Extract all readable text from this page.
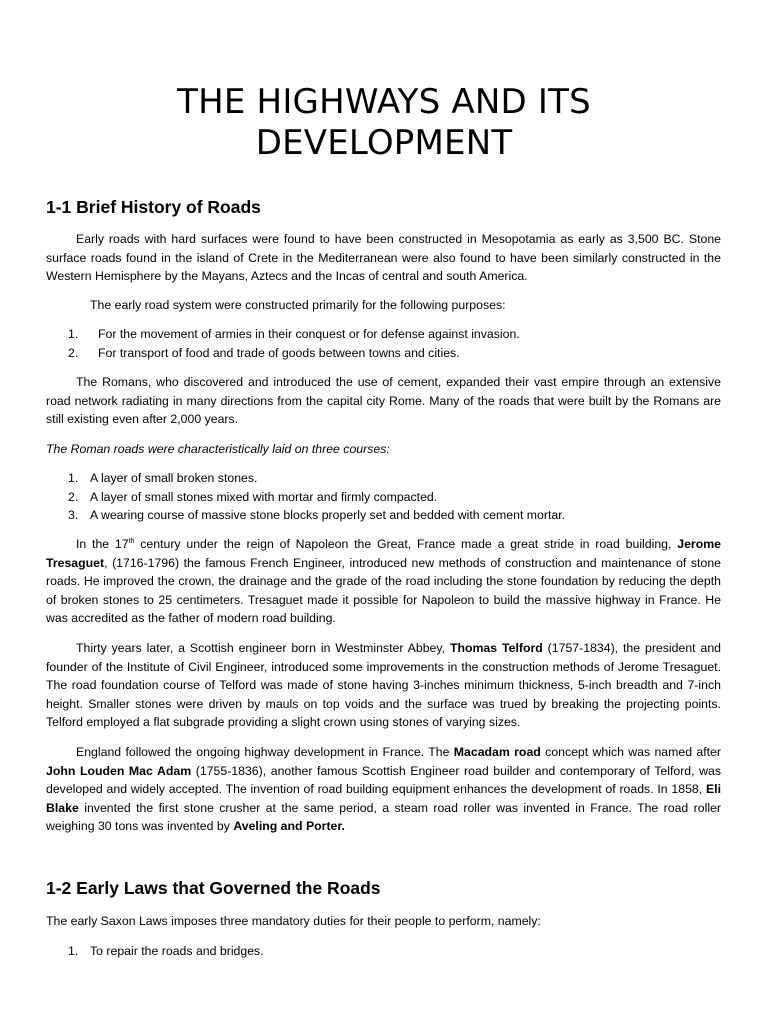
THE HIGHWAYS AND ITS
DEVELOPMENT
1-1 Brief History of Roads

Early roads with hard surfaces were found to have been constructed in Mesopotamia as early as 3,500 BC. Stone surface roads found in the island of Crete in the Mediterranean were also found to have been similarly constructed in the Western Hemisphere by the Mayans, Aztecs and the Incas of central and south America.

The early road system were constructed primarily for the following purposes:

1. For the movement of armies in their conquest or for defense against invasion.
2. For transport of food and trade of goods between towns and cities.

The Romans, who discovered and introduced the use of cement, expanded their vast empire through an extensive road network radiating in many directions from the capital city Rome. Many of the roads that were built by the Romans are still existing even after 2,000 years.

The Roman roads were characteristically laid on three courses:

1. A layer of small broken stones.
2. A layer of small stones mixed with mortar and firmly compacted.
3. A wearing course of massive stone blocks properly set and bedded with cement mortar.

In the 17th century under the reign of Napoleon the Great, France made a great stride in road building, Jerome Tresaguet, (1716-1796) the famous French Engineer, introduced new methods of construction and maintenance of stone roads. He improved the crown, the drainage and the grade of the road including the stone foundation by reducing the depth of broken stones to 25 centimeters. Tresaguet made it possible for Napoleon to build the massive highway in France. He was accredited as the father of modern road building.

Thirty years later, a Scottish engineer born in Westminster Abbey, Thomas Telford (1757-1834), the president and founder of the Institute of Civil Engineer, introduced some improvements in the construction methods of Jerome Tresaguet. The road foundation course of Telford was made of stone having 3-inches minimum thickness, 5-inch breadth and 7-inch height. Smaller stones were driven by mauls on top voids and the surface was trued by breaking the projecting points. Telford employed a flat subgrade providing a slight crown using stones of varying sizes.

England followed the ongoing highway development in France. The Macadam road concept which was named after John Louden Mac Adam (1755-1836), another famous Scottish Engineer road builder and contemporary of Telford, was developed and widely accepted. The invention of road building equipment enhances the development of roads. In 1858, Eli Blake invented the first stone crusher at the same period, a steam road roller was invented in France. The road roller weighing 30 tons was invented by Aveling and Porter.

1-2 Early Laws that Governed the Roads

The early Saxon Laws imposes three mandatory duties for their people to perform, namely:

1. To repair the roads and bridges.
